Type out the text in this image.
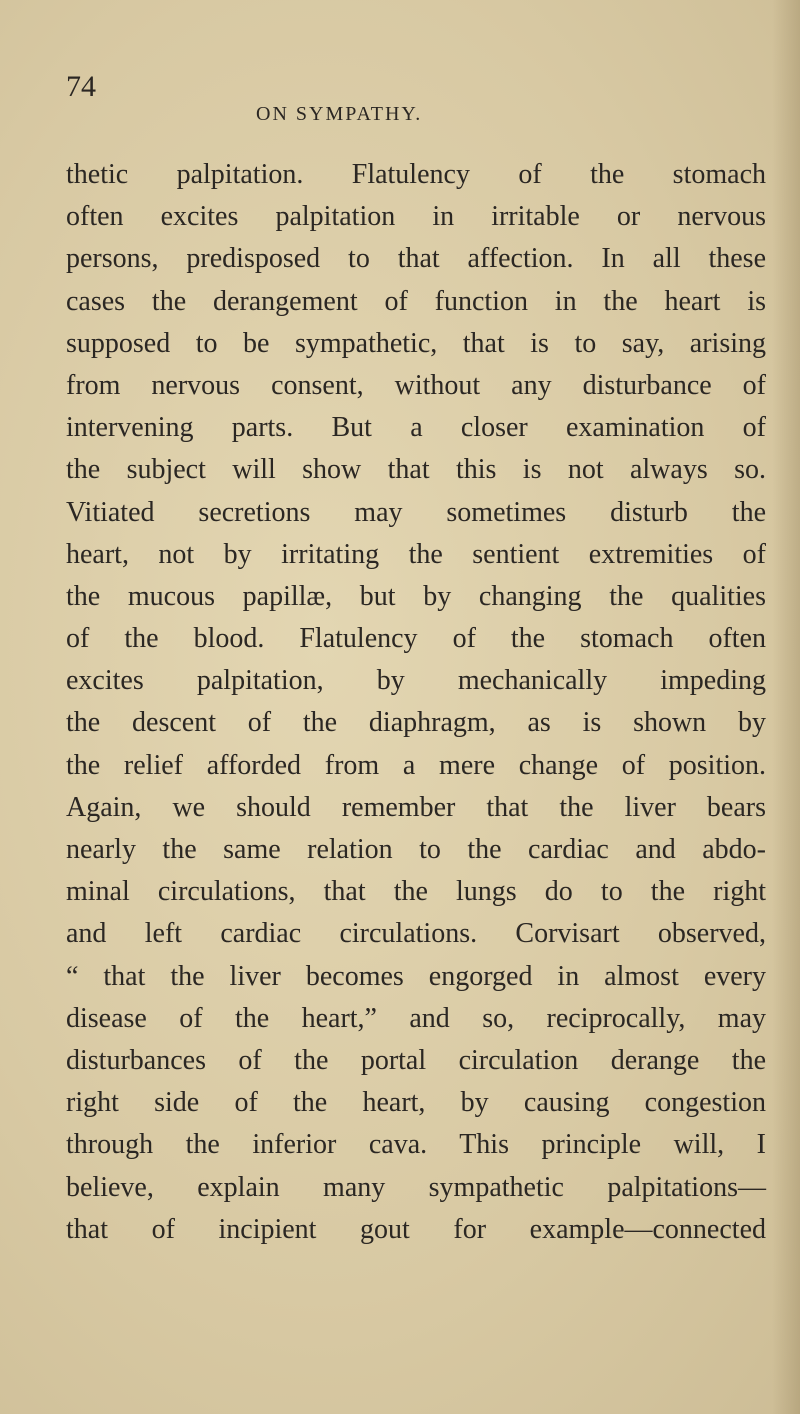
74
ON SYMPATHY.
thetic palpitation. Flatulency of the stomach
often excites palpitation in irritable or nervous
persons, predisposed to that affection. In all these
cases the derangement of function in the heart is
supposed to be sympathetic, that is to say, arising
from nervous consent, without any disturbance of
intervening parts. But a closer examination of
the subject will show that this is not always so.
Vitiated secretions may sometimes disturb the
heart, not by irritating the sentient extremities of
the mucous papillæ, but by changing the qualities
of the blood. Flatulency of the stomach often
excites palpitation, by mechanically impeding
the descent of the diaphragm, as is shown by
the relief afforded from a mere change of position.
Again, we should remember that the liver bears
nearly the same relation to the cardiac and abdo-
minal circulations, that the lungs do to the right
and left cardiac circulations. Corvisart observed,
“ that the liver becomes engorged in almost every
disease of the heart,” and so, reciprocally, may
disturbances of the portal circulation derange the
right side of the heart, by causing congestion
through the inferior cava. This principle will, I
believe, explain many sympathetic palpitations—
that of incipient gout for example—connected
